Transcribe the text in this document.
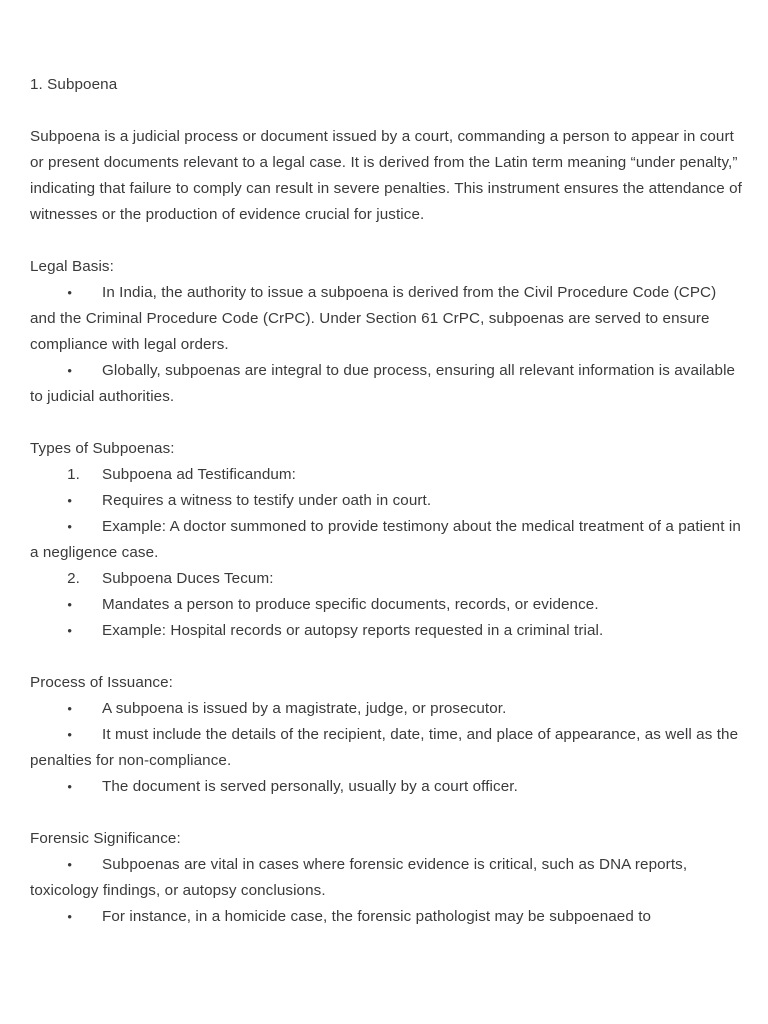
1. Subpoena

Subpoena is a judicial process or document issued by a court, commanding a person to appear in court or present documents relevant to a legal case. It is derived from the Latin term meaning “under penalty,” indicating that failure to comply can result in severe penalties. This instrument ensures the attendance of witnesses or the production of evidence crucial for justice.

Legal Basis:

• In India, the authority to issue a subpoena is derived from the Civil Procedure Code (CPC) and the Criminal Procedure Code (CrPC). Under Section 61 CrPC, subpoenas are served to ensure compliance with legal orders.

• Globally, subpoenas are integral to due process, ensuring all relevant information is available to judicial authorities.

Types of Subpoenas:

1. Subpoena ad Testificandum:

• Requires a witness to testify under oath in court.

• Example: A doctor summoned to provide testimony about the medical treatment of a patient in a negligence case.

2. Subpoena Duces Tecum:

• Mandates a person to produce specific documents, records, or evidence.

• Example: Hospital records or autopsy reports requested in a criminal trial.

Process of Issuance:

• A subpoena is issued by a magistrate, judge, or prosecutor.

• It must include the details of the recipient, date, time, and place of appearance, as well as the penalties for non-compliance.

• The document is served personally, usually by a court officer.

Forensic Significance:

• Subpoenas are vital in cases where forensic evidence is critical, such as DNA reports, toxicology findings, or autopsy conclusions.

• For instance, in a homicide case, the forensic pathologist may be subpoenaed to
